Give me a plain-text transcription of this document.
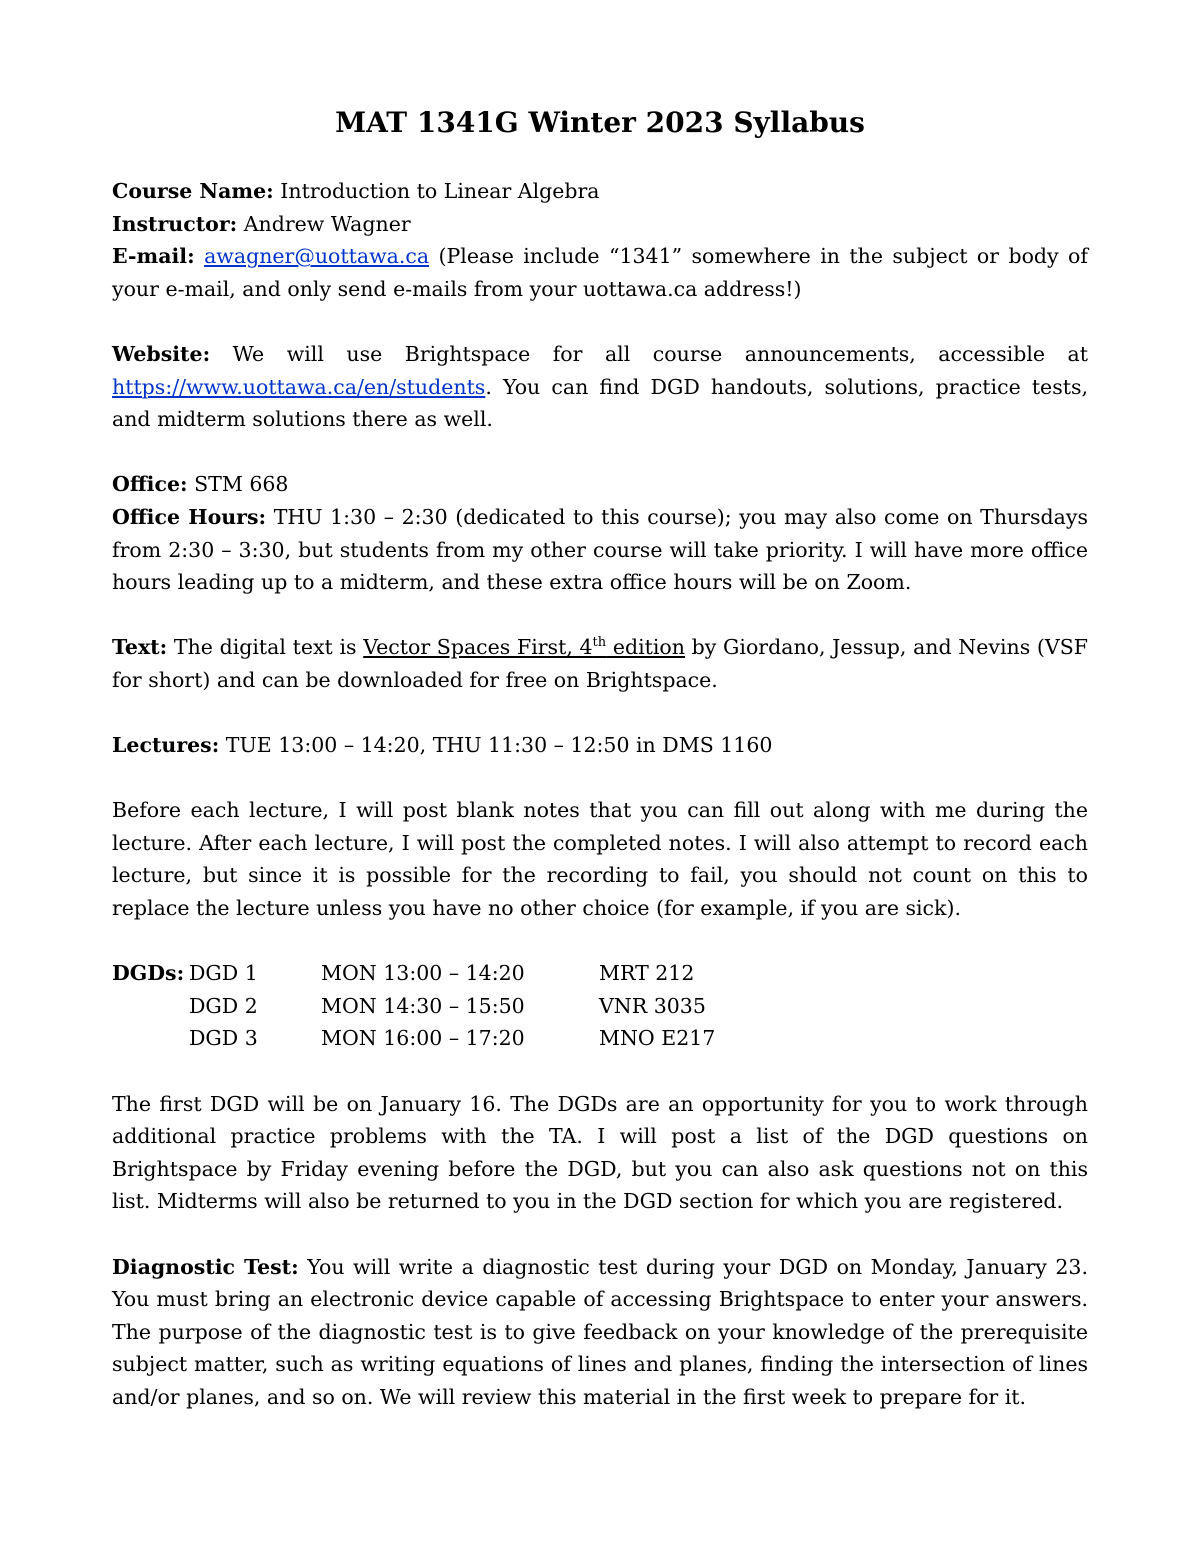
MAT 1341G Winter 2023 Syllabus
Course Name: Introduction to Linear Algebra
Instructor: Andrew Wagner
E-mail: awagner@uottawa.ca (Please include “1341” somewhere in the subject or body of your e-mail, and only send e-mails from your uottawa.ca address!)
Website: We will use Brightspace for all course announcements, accessible at https://www.uottawa.ca/en/students. You can find DGD handouts, solutions, practice tests, and midterm solutions there as well.
Office: STM 668
Office Hours: THU 1:30 – 2:30 (dedicated to this course); you may also come on Thursdays from 2:30 – 3:30, but students from my other course will take priority. I will have more office hours leading up to a midterm, and these extra office hours will be on Zoom.
Text: The digital text is Vector Spaces First, 4th edition by Giordano, Jessup, and Nevins (VSF for short) and can be downloaded for free on Brightspace.
Lectures: TUE 13:00 – 14:20, THU 11:30 – 12:50 in DMS 1160
Before each lecture, I will post blank notes that you can fill out along with me during the lecture. After each lecture, I will post the completed notes. I will also attempt to record each lecture, but since it is possible for the recording to fail, you should not count on this to replace the lecture unless you have no other choice (for example, if you are sick).
DGDs: DGD 1	MON 13:00 – 14:20	MRT 212
DGD 2	MON 14:30 – 15:50	VNR 3035
DGD 3	MON 16:00 – 17:20	MNO E217
The first DGD will be on January 16. The DGDs are an opportunity for you to work through additional practice problems with the TA. I will post a list of the DGD questions on Brightspace by Friday evening before the DGD, but you can also ask questions not on this list. Midterms will also be returned to you in the DGD section for which you are registered.
Diagnostic Test: You will write a diagnostic test during your DGD on Monday, January 23. You must bring an electronic device capable of accessing Brightspace to enter your answers. The purpose of the diagnostic test is to give feedback on your knowledge of the prerequisite subject matter, such as writing equations of lines and planes, finding the intersection of lines and/or planes, and so on. We will review this material in the first week to prepare for it.
